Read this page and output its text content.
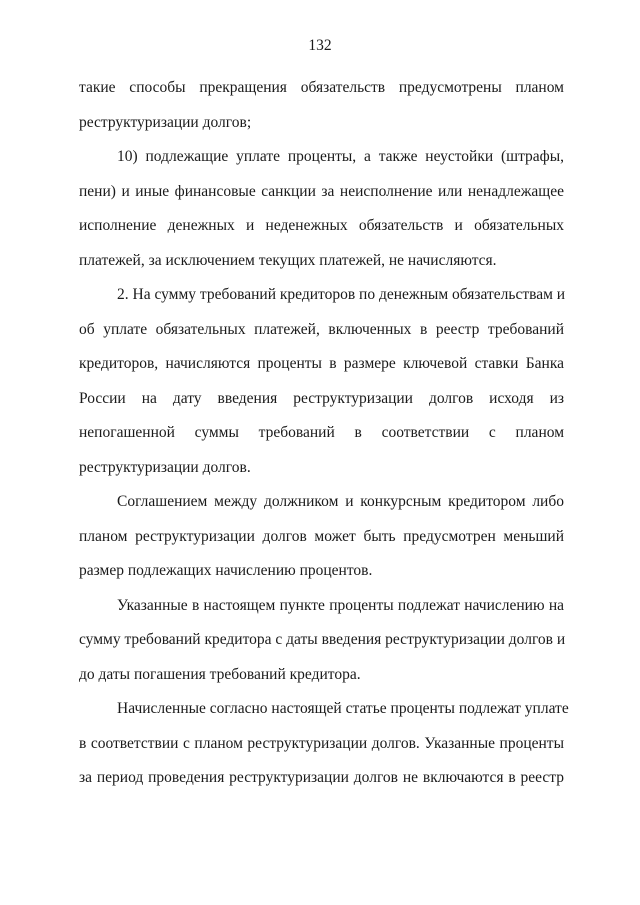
132
такие способы прекращения обязательств предусмотрены планом
реструктуризации долгов;
10) подлежащие уплате проценты, а также неустойки (штрафы,
пени) и иные финансовые санкции за неисполнение или ненадлежащее
исполнение денежных и неденежных обязательств и обязательных
платежей, за исключением текущих платежей, не начисляются.
2. На сумму требований кредиторов по денежным обязательствам и
об уплате обязательных платежей, включенных в реестр требований
кредиторов, начисляются проценты в размере ключевой ставки Банка
России на дату введения реструктуризации долгов исходя из
непогашенной суммы требований в соответствии с планом
реструктуризации долгов.
Соглашением между должником и конкурсным кредитором либо
планом реструктуризации долгов может быть предусмотрен меньший
размер подлежащих начислению процентов.
Указанные в настоящем пункте проценты подлежат начислению на
сумму требований кредитора с даты введения реструктуризации долгов и
до даты погашения требований кредитора.
Начисленные согласно настоящей статье проценты подлежат уплате
в соответствии с планом реструктуризации долгов. Указанные проценты
за период проведения реструктуризации долгов не включаются в реестр
